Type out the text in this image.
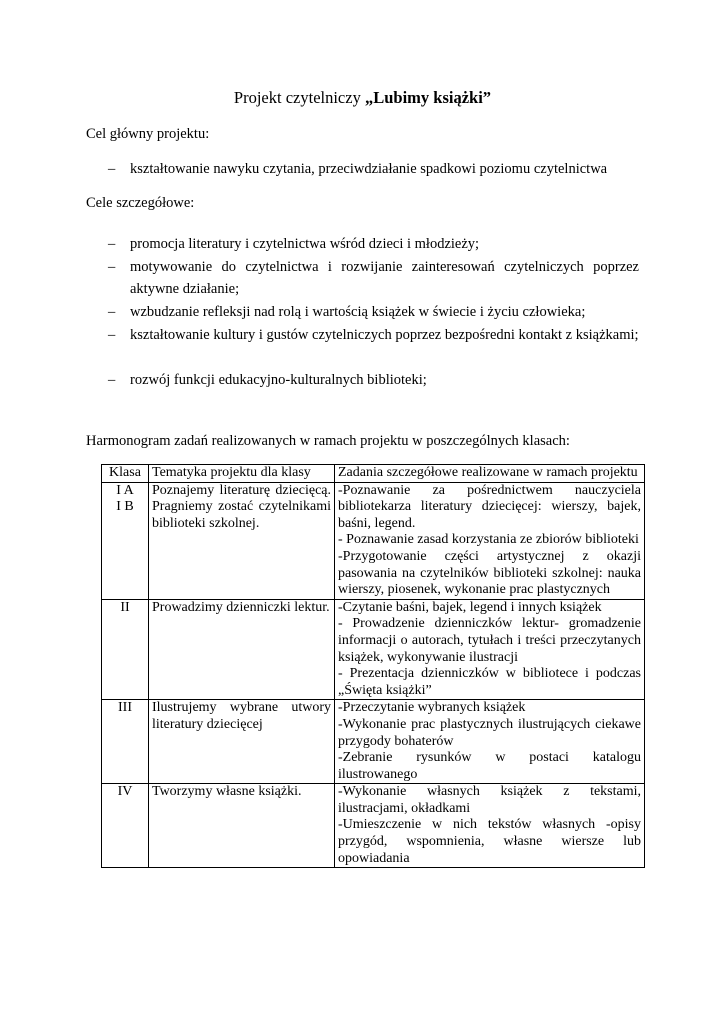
Projekt czytelniczy „Lubimy książki”
Cel główny projektu:
– kształtowanie nawyku czytania, przeciwdziałanie spadkowi poziomu czytelnictwa
Cele szczegółowe:
– promocja literatury i czytelnictwa wśród dzieci i młodzieży;
– motywowanie do czytelnictwa i rozwijanie zainteresowań czytelniczych poprzez aktywne działanie;
– wzbudzanie refleksji nad rolą i wartością książek w świecie i życiu człowieka;
– kształtowanie kultury i gustów czytelniczych poprzez bezpośredni kontakt z książkami;
– rozwój funkcji edukacyjno-kulturalnych biblioteki;
Harmonogram zadań realizowanych w ramach projektu w poszczególnych klasach:
Klasa	Tematyka projektu dla klasy	Zadania szczegółowe realizowane w ramach projektu

I A
I B	Poznajemy literaturę dziecięcą. Pragniemy zostać czytelnikami biblioteki szkolnej.	-Poznawanie za pośrednictwem nauczyciela bibliotekarza literatury dziecięcej: wierszy, bajek, baśni, legend.
- Poznawanie zasad korzystania ze zbiorów biblioteki
-Przygotowanie części artystycznej z okazji pasowania na czytelników biblioteki szkolnej: nauka wierszy, piosenek, wykonanie prac plastycznych

II	Prowadzimy dzienniczki lektur.	-Czytanie baśni, bajek, legend i innych książek
- Prowadzenie dzienniczków lektur- gromadzenie informacji o autorach, tytułach i treści przeczytanych książek, wykonywanie ilustracji
- Prezentacja dzienniczków w bibliotece i podczas „Święta książki”

III	Ilustrujemy wybrane utwory literatury dziecięcej	-Przeczytanie wybranych książek
-Wykonanie prac plastycznych ilustrujących ciekawe przygody bohaterów
-Zebranie rysunków w postaci katalogu ilustrowanego

IV	Tworzymy własne książki.	-Wykonanie własnych książek z tekstami, ilustracjami, okładkami
-Umieszczenie w nich tekstów własnych -opisy przygód, wspomnienia, własne wiersze lub opowiadania
